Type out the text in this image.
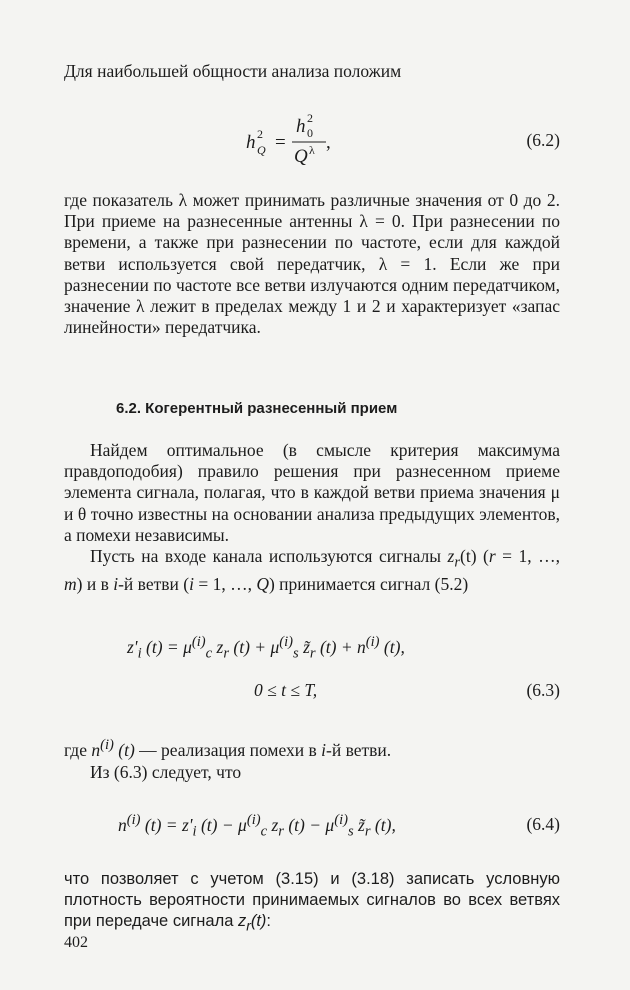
Для наибольшей общности анализа положим

h 2
Q =
h 2
0
Q λ ,	(6.2)

где показатель λ может принимать различные значения от 0 до 2. При приеме на разнесенные антенны λ = 0. При разнесении по времени, а также при разнесении по частоте, если для каждой ветви используется свой передатчик, λ = 1. Если же при разнесении по частоте все ветви излучаются одним передатчиком, значение λ лежит в пределах между 1 и 2 и характеризует «запас линейности» передатчика.

6.2. Когерентный разнесенный прием

Найдем оптимальное (в смысле критерия максимума правдоподобия) правило решения при разнесенном приеме элемента сигнала, полагая, что в каждой ветви приема значения μ и θ точно известны на основании анализа предыдущих элементов, а помехи независимы.

Пусть на входе канала используются сигналы $z_r(t) (r = 1$, …, m) и в i-й ветви (i = 1, …, Q) принимается сигнал (5.2)

$z'_i$ $(t) = \mu^{(i)}_c$ $z_r$ $(t) + \mu^{(i)}_s$ $z̃_r$ $(t) + n^{(i)}$ (t),
0 ≤ t ≤ T,	(6.3)

где $n^{(i)}$ (t) — реализация помехи в i-й ветви.

Из (6.3) следует, что

$n^{(i)}$ $(t) = z'_i$ $(t) - \mu^{(i)}_c$ $z_r$ $(t) - \mu^{(i)}_s$ $z̃_r$ (t),	(6.4)

что позволяет с учетом (3.15) и (3.18) записать условную плотность вероятности принимаемых сигналов во всех ветвях при передаче сигнала $z_r(t)$:

402
